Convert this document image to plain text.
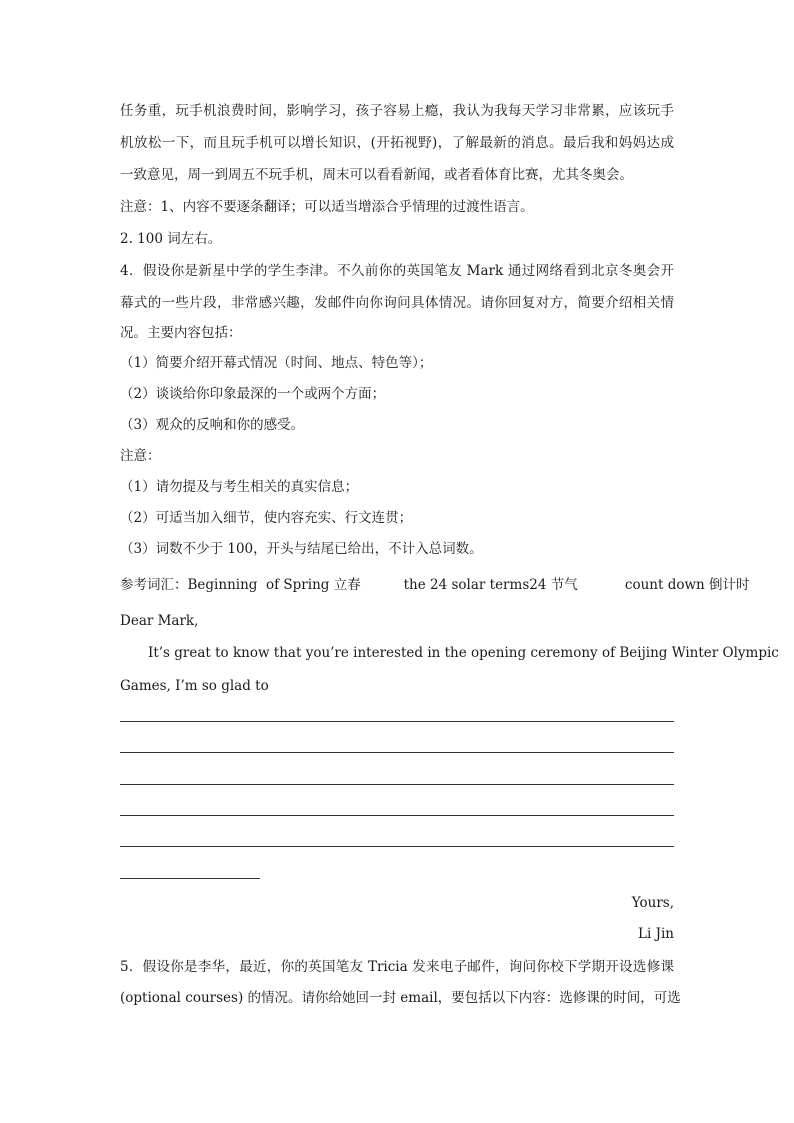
任务重，玩手机浪费时间，影响学习，孩子容易上瘾，我认为我每天学习非常累，应该玩手
机放松一下，而且玩手机可以增长知识，(开拓视野)，了解最新的消息。最后我和妈妈达成
一致意见，周一到周五不玩手机，周末可以看看新闻，或者看体育比赛，尤其冬奥会。
注意：1、内容不要逐条翻译；可以适当增添合乎情理的过渡性语言。
2. 100 词左右。
4．假设你是新星中学的学生李津。不久前你的英国笔友 Mark 通过网络看到北京冬奥会开
幕式的一些片段，非常感兴趣，发邮件向你询问具体情况。请你回复对方，简要介绍相关情
况。主要内容包括：
（1）简要介绍开幕式情况（时间、地点、特色等）；
（2）谈谈给你印象最深的一个或两个方面；
（3）观众的反响和你的感受。
注意：
（1）请勿提及与考生相关的真实信息；
（2）可适当加入细节，使内容充实、行文连贯；
（3）词数不少于 100，开头与结尾已给出，不计入总词数。
参考词汇：Beginning  of Spring 立春          the 24 solar terms24 节气           count down 倒计时
Dear Mark,
It’s great to know that you’re interested in the opening ceremony of Beijing Winter Olympic
Games, I’m so glad to
Yours,
Li Jin
5．假设你是李华，最近，你的英国笔友 Tricia 发来电子邮件，询问你校下学期开设选修课
(optional courses) 的情况。请你给她回一封 email，要包括以下内容：选修课的时间，可选
